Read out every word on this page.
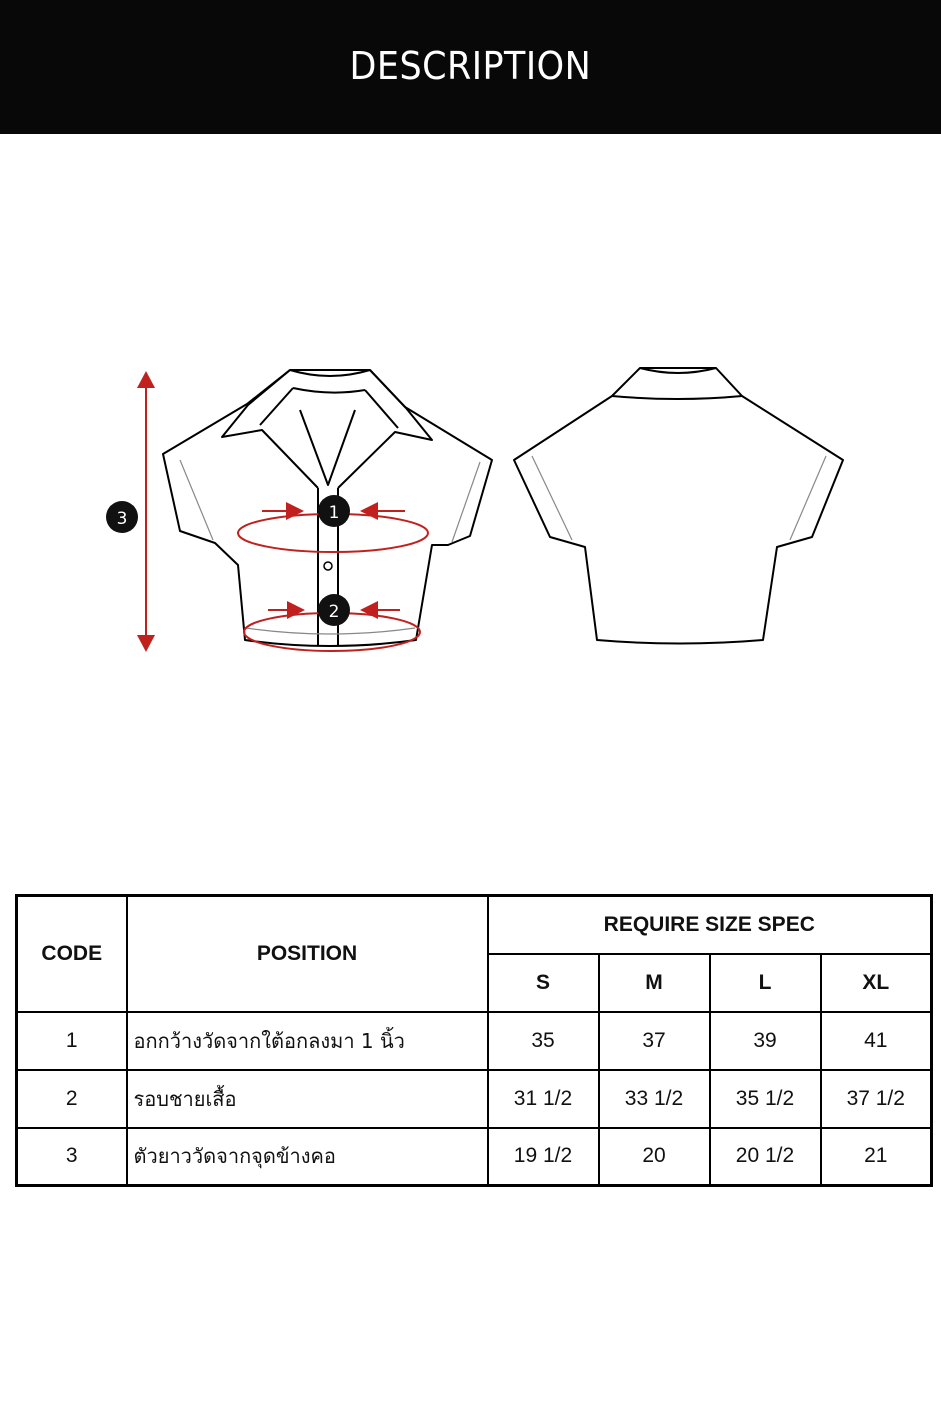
DESCRIPTION
3	1
2
CODE	POSITION	REQUIRE SIZE SPEC			
		S	M	L	XL
1	อกกว้างวัดจากใต้อกลงมา 1 นิ้ว	35	37	39	41
2	รอบชายเสื้อ	31 1/2	33 1/2	35 1/2	37 1/2
3	ตัวยาววัดจากจุดข้างคอ	19 1/2	20	20 1/2	21
